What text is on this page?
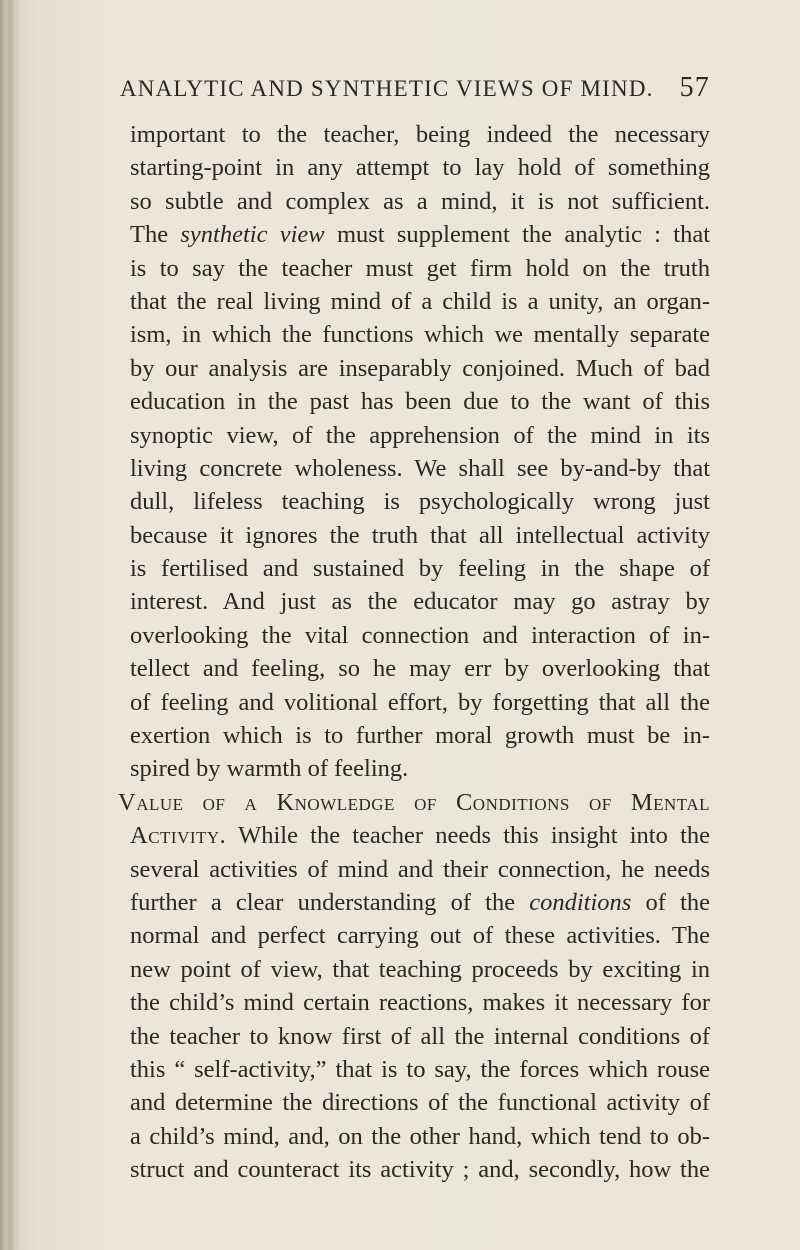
ANALYTIC AND SYNTHETIC VIEWS OF MIND. 57
important to the teacher, being indeed the necessary
starting-point in any attempt to lay hold of something
so subtle and complex as a mind, it is not sufficient.
The synthetic view must supplement the analytic : that
is to say the teacher must get firm hold on the truth
that the real living mind of a child is a unity, an organ-
ism, in which the functions which we mentally separate
by our analysis are inseparably conjoined. Much of bad
education in the past has been due to the want of this
synoptic view, of the apprehension of the mind in its
living concrete wholeness. We shall see by-and-by that
dull, lifeless teaching is psychologically wrong just
because it ignores the truth that all intellectual activity
is fertilised and sustained by feeling in the shape of
interest. And just as the educator may go astray by
overlooking the vital connection and interaction of in-
tellect and feeling, so he may err by overlooking that
of feeling and volitional effort, by forgetting that all the
exertion which is to further moral growth must be in-
spired by warmth of feeling.
Value of a Knowledge of Conditions of Mental
Activity. While the teacher needs this insight into the
several activities of mind and their connection, he needs
further a clear understanding of the conditions of the
normal and perfect carrying out of these activities. The
new point of view, that teaching proceeds by exciting in
the child’s mind certain reactions, makes it necessary for
the teacher to know first of all the internal conditions of
this “ self-activity,” that is to say, the forces which rouse
and determine the directions of the functional activity of
a child’s mind, and, on the other hand, which tend to ob-
struct and counteract its activity ; and, secondly, how the
